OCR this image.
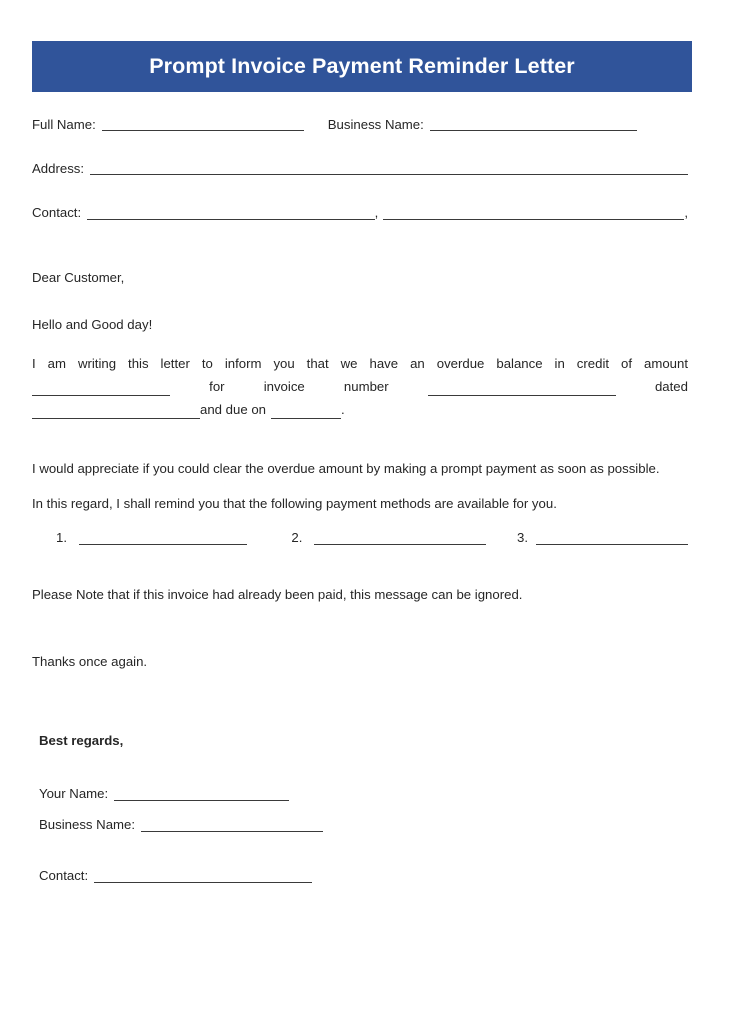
Prompt Invoice Payment Reminder Letter
Full Name:	Business Name:
Address:
Contact:	,	,

Dear Customer,

Hello and Good day!

I am writing this letter to inform you that we have an overdue balance in credit of amount

for	invoice	number	dated
and due on	.

I would appreciate if you could clear the overdue amount by making a prompt payment as soon as possible.

In this regard, I shall remind you that the following payment methods are available for you.

1.	2.	3.

Please Note that if this invoice had already been paid, this message can be ignored.

Thanks once again.

Best regards,

Your Name:
Business Name:
Contact:
